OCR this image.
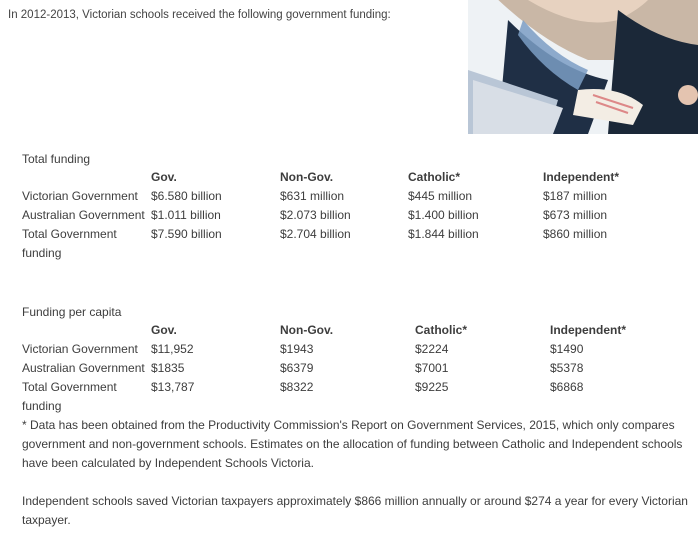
In 2012-2013, Victorian schools received the following government funding:
Total funding
Gov.	Non-Gov.	Catholic*	Independent*
Victorian Government $6.580 billion	$631 million	$445 million	$187 million
Australian Government $1.011 billion	$2.073 billion	$1.400 billion	$673 million
Total Government	$7.590 billion	$2.704 billion	$1.844 billion	$860 million
funding
Funding per capita
Gov.	Non-Gov.	Catholic*	Independent*
Victorian Government $11,952	$1943	$2224	$1490
Australian Government $1835	$6379	$7001	$5378
Total Government	$13,787	$8322	$9225	$6868
funding
* Data has been obtained from the Productivity Commission's Report on Government Services, 2015, which only compares government and non-government schools. Estimates on the allocation of funding between Catholic and Independent schools have been calculated by Independent Schools Victoria.
Independent schools saved Victorian taxpayers approximately $866 million annually or around $274 a year for every Victorian taxpayer.
